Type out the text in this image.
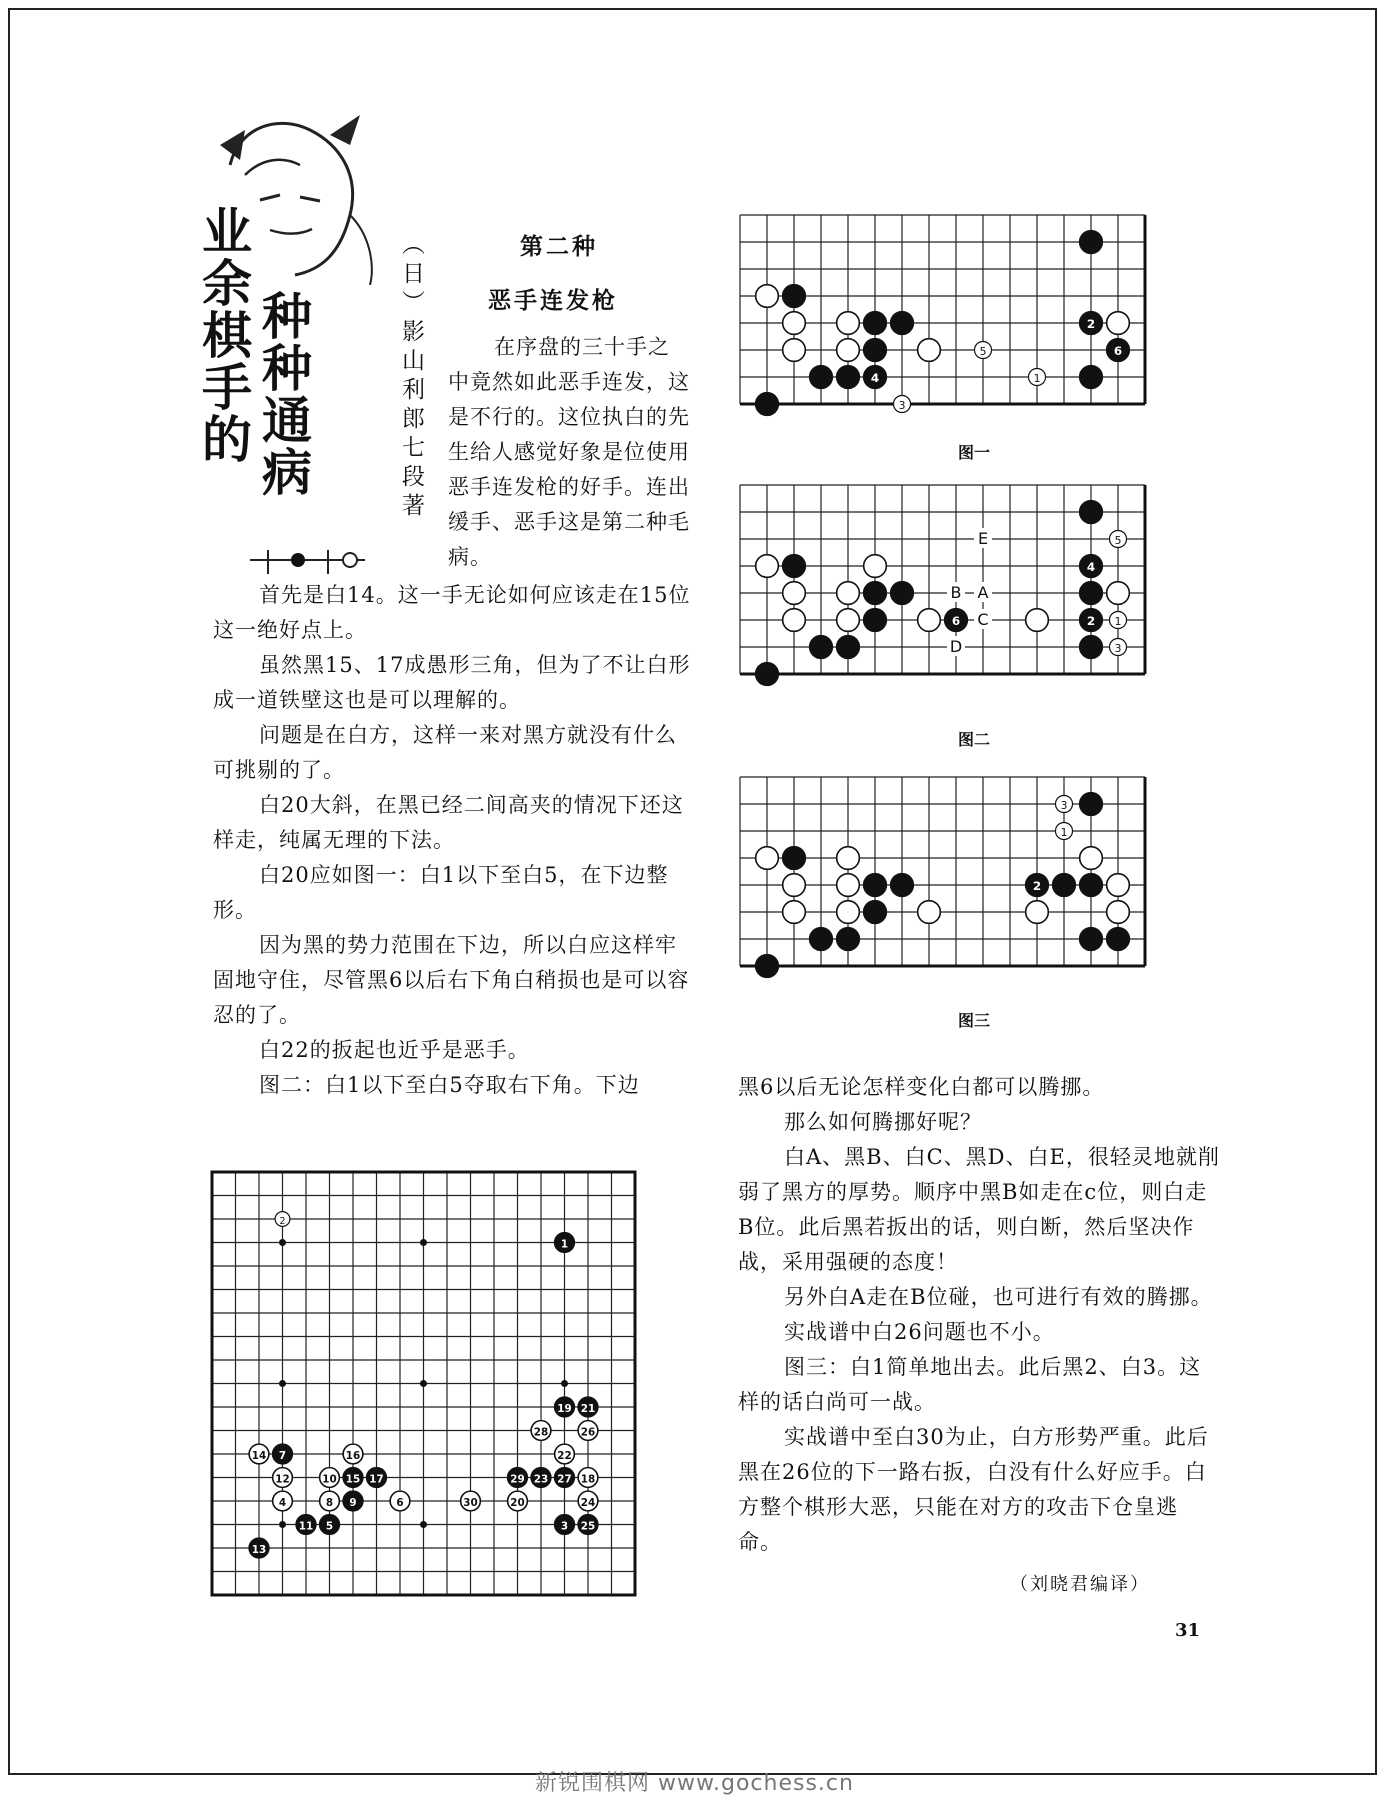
业余棋手的 种种通病	（日）影山利郎七段著	第二种
恶手连发枪

在序盘的三十手之中竟然如此恶手连发，这是不行的。这位执白的先生给人感觉好象是位使用恶手连发枪的好手。连出缓手、恶手这是第二种毛病。

首先是白14。这一手无论如何应该走在15位这一绝好点上。

虽然黑15、17成愚形三角，但为了不让白形成一道铁壁这也是可以理解的。

问题是在白方，这样一来对黑方就没有什么可挑剔的了。

白20大斜，在黑已经二间高夹的情况下还这样走，纯属无理的下法。

白20应如图一：白1以下至白5，在下边整形。

因为黑的势力范围在下边，所以白应这样牢固地守住，尽管黑6以后右下角白稍损也是可以容忍的了。

白22的扳起也近乎是恶手。

图二：白1以下至白5夺取右下角。下边	黑6以后无论怎样变化白都可以腾挪。

那么如何腾挪好呢？

白A、黑B、白C、黑D、白E，很轻灵地就削弱了黑方的厚势。顺序中黑B如走在c位，则白走B位。此后黑若扳出的话，则白断，然后坚决作战，采用强硬的态度！

另外白A走在B位碰，也可进行有效的腾挪。

实战谱中白26问题也不小。

图三：白1简单地出去。此后黑2、白3。这样的话白尚可一战。

实战谱中至白30为止，白方形势严重。此后黑在26位的下一路右扳，白没有什么好应手。白方整个棋形大恶，只能在对方的攻击下仓皇逃命。

（刘晓君编译）
2
5	6
4	1
3
图一
E	5
4
B A
6 C	2 1
D	3
图二
3
1
2
图三
2
1
19 21
28	26
14 7	16	22
12	10 15 17	29 23 27 18
4	8 9	6	30	20	24
11 5	3 25
13
31
新锐围棋网 www.gochess.cn
